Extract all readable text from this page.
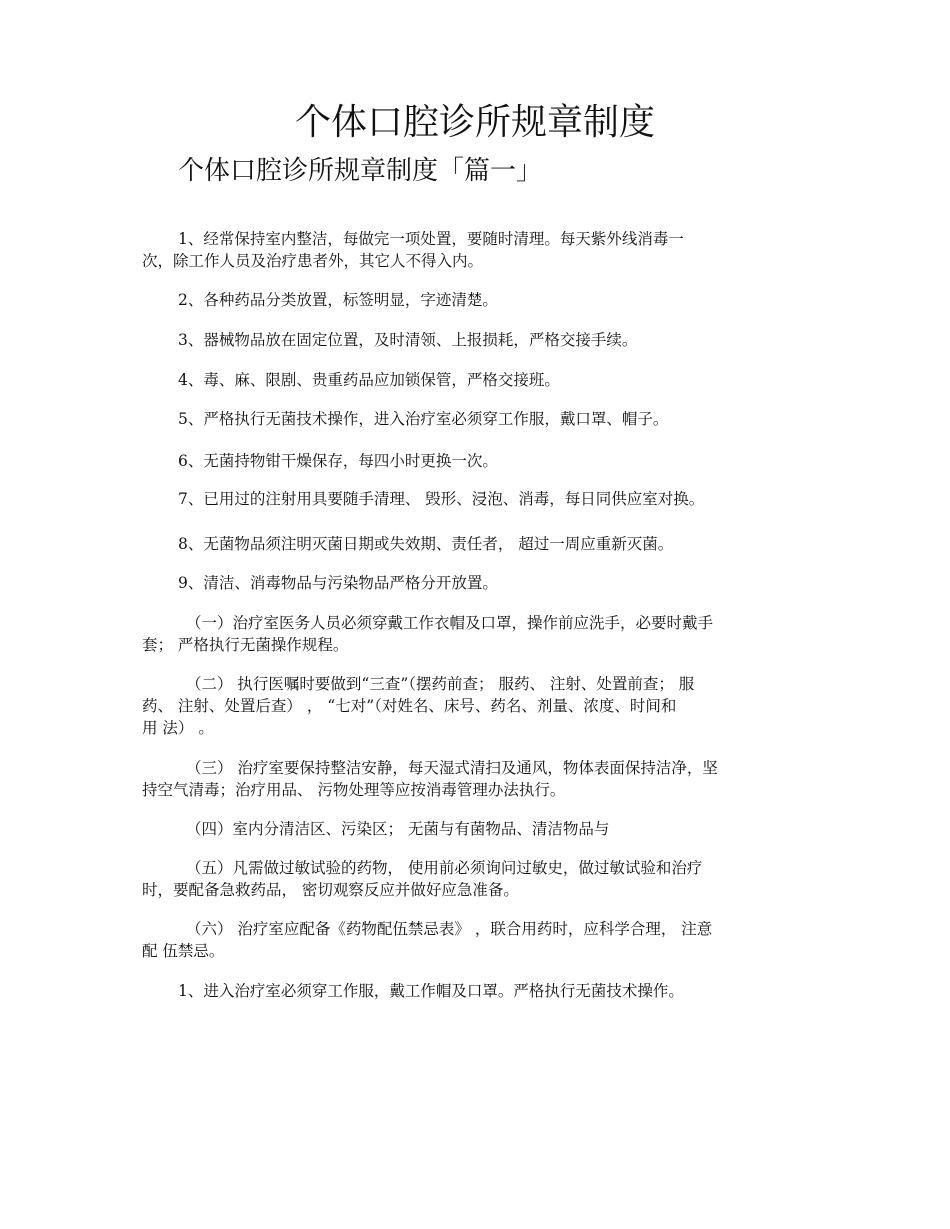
个体口腔诊所规章制度
个体口腔诊所规章制度「篇一」
1、经常保持室内整洁，每做完一项处置，要随时清理。每天紫外线消毒一
次，除工作人员及治疗患者外，其它人不得入内。
2、各种药品分类放置，标签明显，字迹清楚。
3、器械物品放在固定位置，及时清领、上报损耗，严格交接手续。
4、毒、麻、限剧、贵重药品应加锁保管，严格交接班。
5、严格执行无菌技术操作，进入治疗室必须穿工作服，戴口罩、帽子。
6、无菌持物钳干燥保存，每四小时更换一次。
7、已用过的注射用具要随手清理、 毁形、浸泡、消毒，每日同供应室对换。
8、无菌物品须注明灭菌日期或失效期、责任者， 超过一周应重新灭菌。
9、清洁、消毒物品与污染物品严格分开放置。
（一）治疗室医务人员必须穿戴工作衣帽及口罩，操作前应洗手，必要时戴手
套； 严格执行无菌操作规程。
（二） 执行医嘱时要做到“三查”（摆药前查； 服药、 注射、处置前查； 服
药、 注射、处置后查） ， “七对”（对姓名、床号、药名、剂量、浓度、时间和
用 法） 。
（三） 治疗室要保持整洁安静，每天湿式清扫及通风，物体表面保持洁净，坚
持空气清毒；治疗用品、 污物处理等应按消毒管理办法执行。
（四）室内分清洁区、污染区； 无菌与有菌物品、清洁物品与
（五）凡需做过敏试验的药物， 使用前必须询问过敏史，做过敏试验和治疗
时，要配备急救药品， 密切观察反应并做好应急准备。
（六） 治疗室应配备《药物配伍禁忌表》 ，联合用药时，应科学合理， 注意
配 伍禁忌。
1、进入治疗室必须穿工作服，戴工作帽及口罩。严格执行无菌技术操作。
